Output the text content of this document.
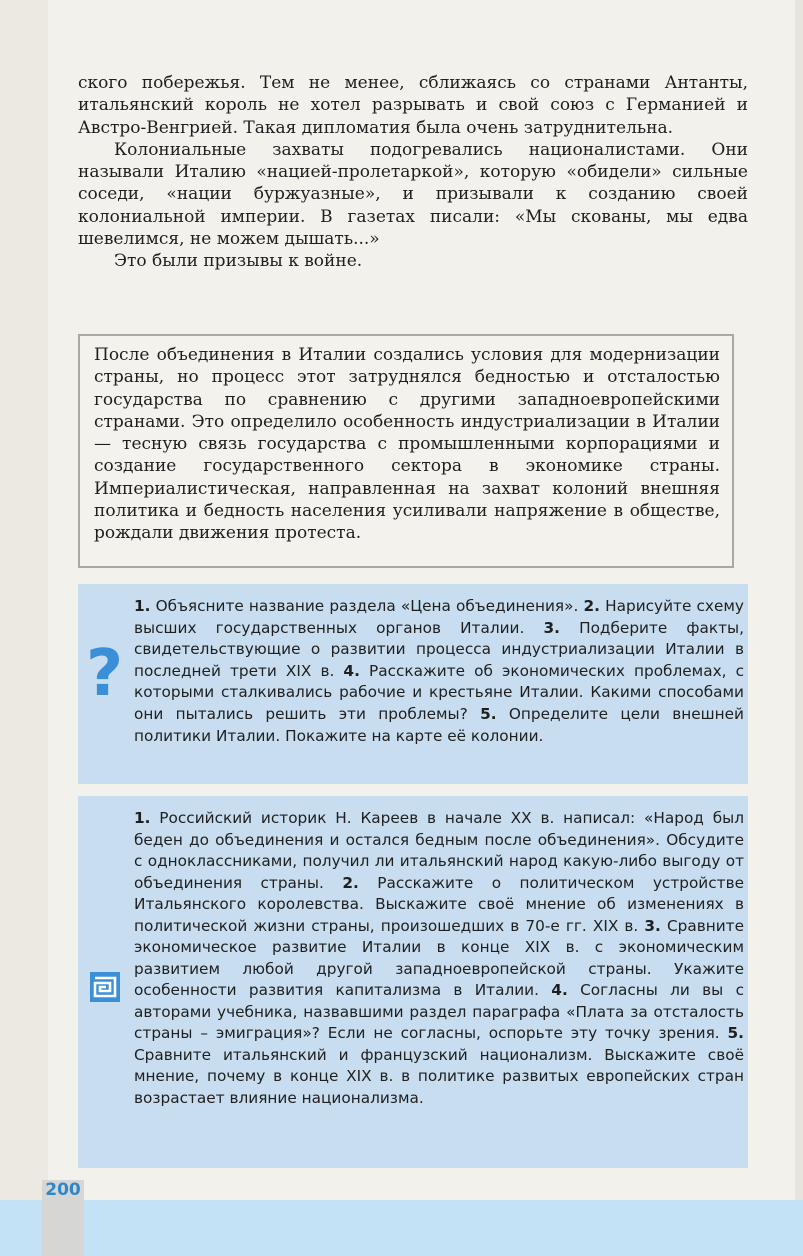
ского побережья. Тем не менее, сближаясь со странами Антанты, итальянский король не хотел разрывать и свой союз с Германией и Австро-Венгрией. Такая дипломатия была очень затруднительна.

Колониальные захваты подогревались националистами. Они называли Италию «нацией-пролетаркой», которую «обидели» сильные соседи, «нации буржуазные», и призывали к созданию своей колониальной империи. В газетах писали: «Мы скованы, мы едва шевелимся, не можем дышать...»

Это были призывы к войне.

После объединения в Италии создались условия для модернизации страны, но процесс этот затруднялся бедностью и отсталостью государства по сравнению с другими западноевропейскими странами. Это определило особенность индустриализации в Италии — тесную связь государства с промышленными корпорациями и создание государственного сектора в экономике страны. Империалистическая, направленная на захват колоний внешняя политика и бедность населения усиливали напряжение в обществе, рождали движения протеста.
?
1. Объясните название раздела «Цена объединения». 2. Нарисуйте схему высших государственных органов Италии. 3. Подберите факты, свидетельствующие о развитии процесса индустриализации Италии в последней трети XIX в. 4. Расскажите об экономических проблемах, с которыми сталкивались рабочие и крестьяне Италии. Какими способами они пытались решить эти проблемы? 5. Определите цели внешней политики Италии. Покажите на карте её колонии.
1. Российский историк Н. Кареев в начале XX в. написал: «Народ был беден до объединения и остался бедным после объединения». Обсудите с одноклассниками, получил ли итальянский народ какую-либо выгоду от объединения страны. 2. Расскажите о политическом устройстве Итальянского королевства. Выскажите своё мнение об изменениях в политической жизни страны, произошедших в 70-е гг. XIX в. 3. Сравните экономическое развитие Италии в конце XIX в. с экономическим развитием любой другой западноевропейской страны. Укажите особенности развития капитализма в Италии. 4. Согласны ли вы с авторами учебника, назвавшими раздел параграфа «Плата за отсталость страны – эмиграция»? Если не согласны, оспорьте эту точку зрения. 5. Сравните итальянский и французский национализм. Выскажите своё мнение, почему в конце XIX в. в политике развитых европейских стран возрастает влияние национализма.
200
